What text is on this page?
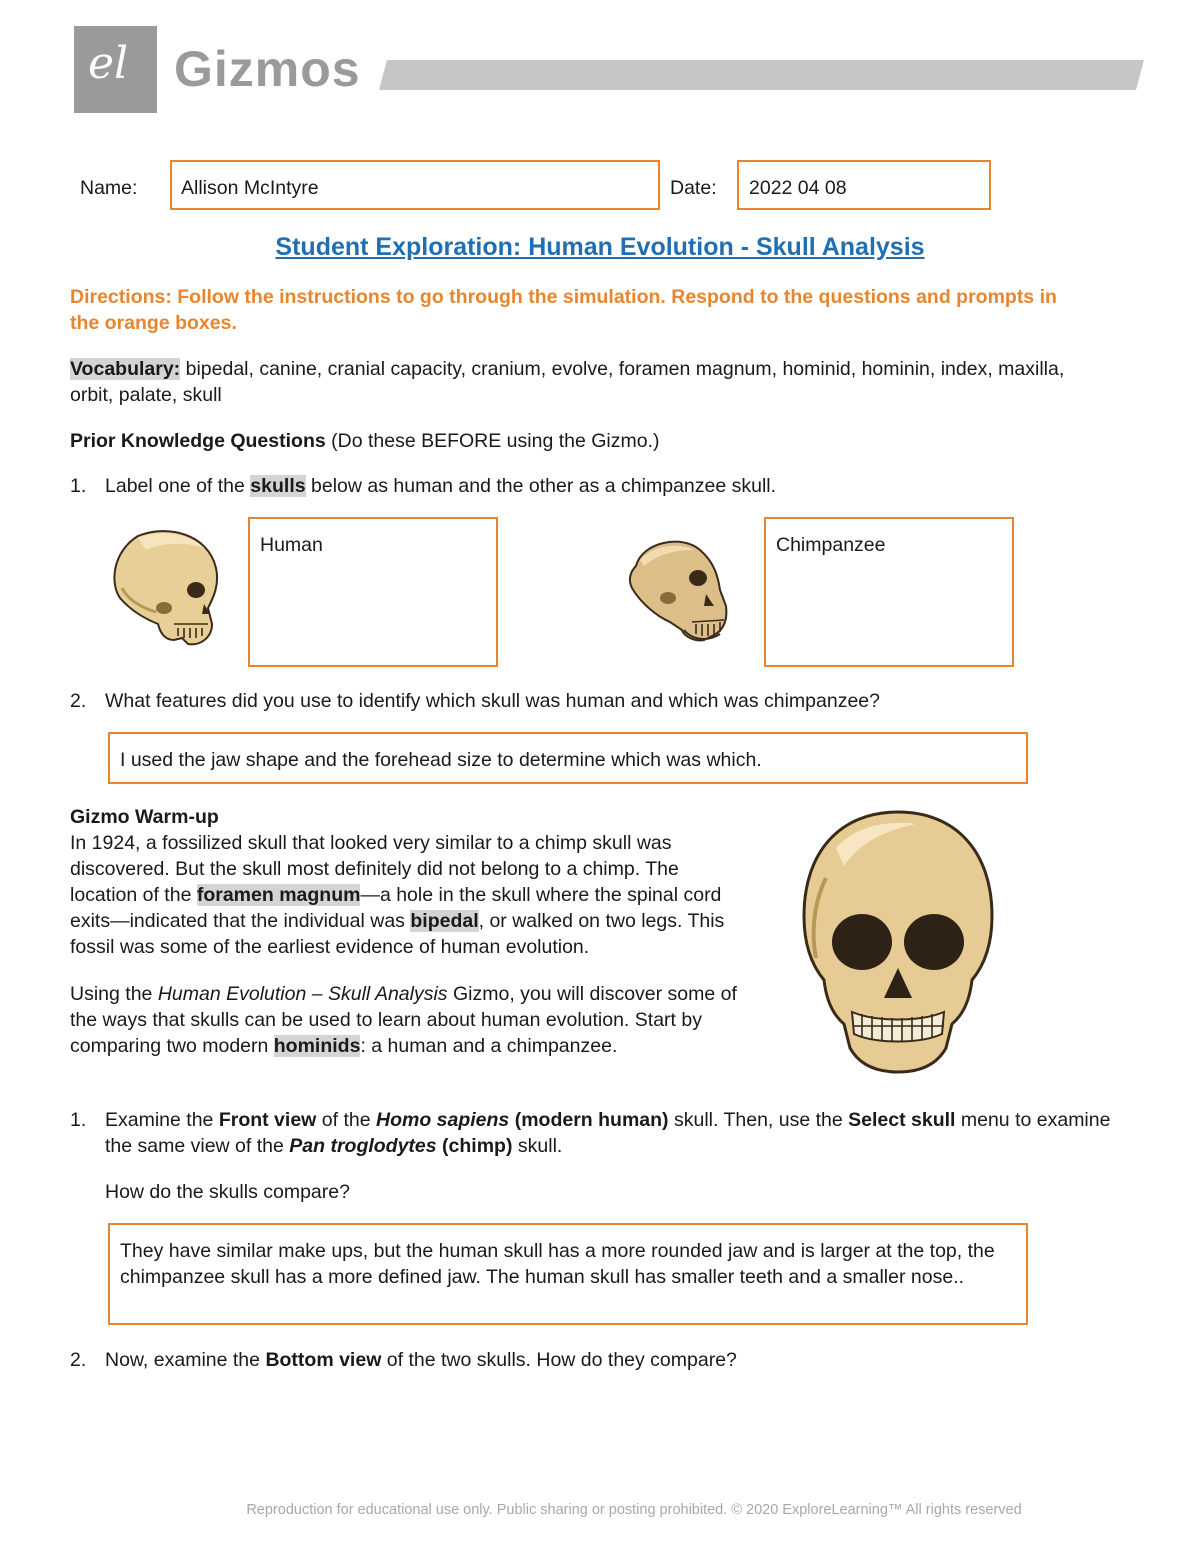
el Gizmos
Name: Allison McIntyre	Date: 2022 04 08
Student Exploration: Human Evolution - Skull Analysis
Directions: Follow the instructions to go through the simulation. Respond to the questions and prompts in the orange boxes.
Vocabulary: bipedal, canine, cranial capacity, cranium, evolve, foramen magnum, hominid, hominin, index, maxilla, orbit, palate, skull
Prior Knowledge Questions (Do these BEFORE using the Gizmo.)
1. Label one of the skulls below as human and the other as a chimpanzee skull.
Human	Chimpanzee
2. What features did you use to identify which skull was human and which was chimpanzee?
I used the jaw shape and the forehead size to determine which was which.
Gizmo Warm-up
In 1924, a fossilized skull that looked very similar to a chimp skull was discovered. But the skull most definitely did not belong to a chimp. The location of the foramen magnum—a hole in the skull where the spinal cord exits—indicated that the individual was bipedal, or walked on two legs. This fossil was some of the earliest evidence of human evolution.
Using the Human Evolution – Skull Analysis Gizmo, you will discover some of the ways that skulls can be used to learn about human evolution. Start by comparing two modern hominids: a human and a chimpanzee.
1. Examine the Front view of the Homo sapiens (modern human) skull. Then, use the Select skull menu to examine the same view of the Pan troglodytes (chimp) skull.
How do the skulls compare?
They have similar make ups, but the human skull has a more rounded jaw and is larger at the top, the chimpanzee skull has a more defined jaw. The human skull has smaller teeth and a smaller nose..
2. Now, examine the Bottom view of the two skulls. How do they compare?
Reproduction for educational use only. Public sharing or posting prohibited. © 2020 ExploreLearning™ All rights reserved
